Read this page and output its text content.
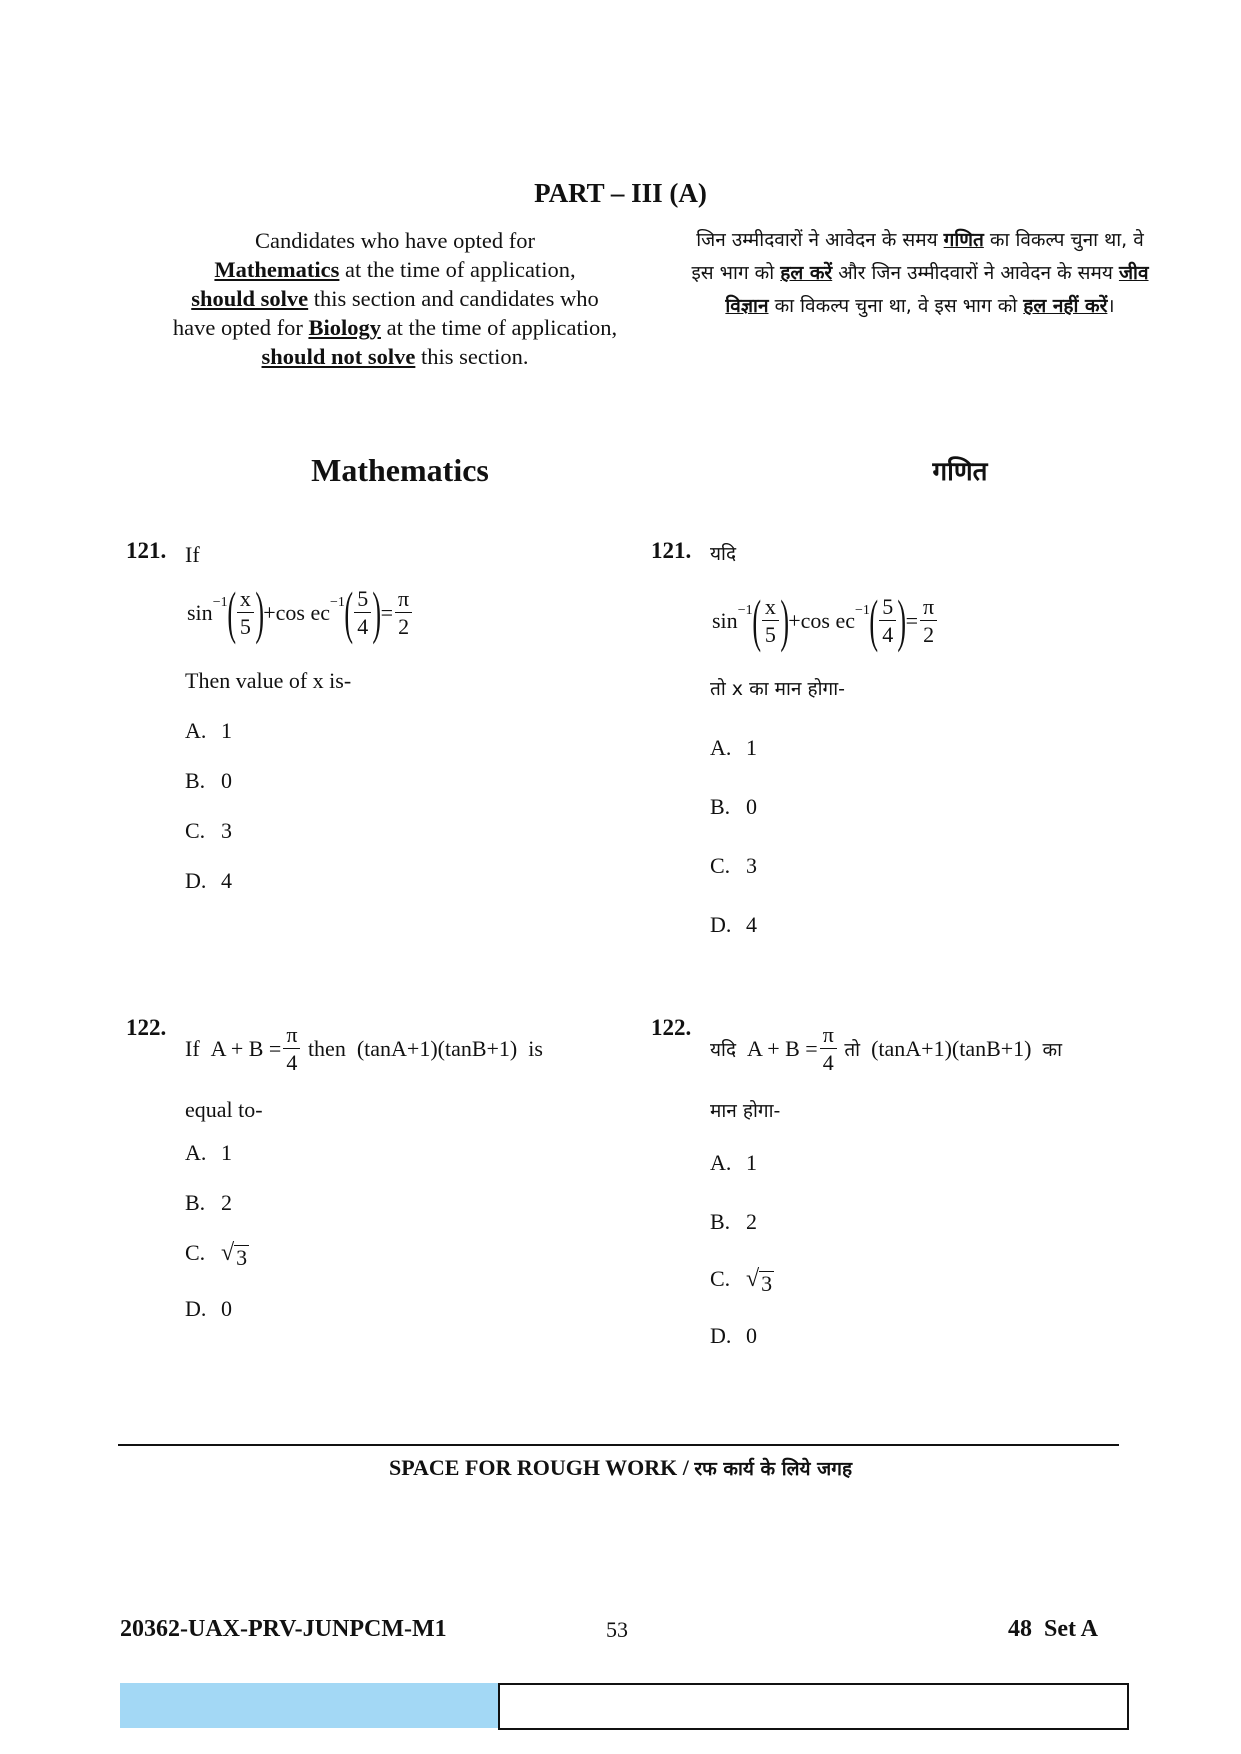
PART – III (A)
Candidates who have opted for
Mathematics at the time of application,
should solve this section and candidates who have opted for Biology at the time of application, should not solve this section.
जिन उम्मीदवारों ने आवेदन के समय गणित का विकल्प चुना था, वे इस भाग को हल करें और जिन उम्मीदवारों ने आवेदन के समय जीव विज्ञान का विकल्प चुना था, वे इस भाग को हल नहीं करें।
Mathematics	गणित
121. If
$\sin^{-1}$ ( $\frac{x}{5}$ ) + $\cos ec^{-1}$ ( $\frac{5}{4}$ ) = $\frac{\pi}{2}$
Then value of x is-
A. 1
B. 0
C. 3
D. 4
121. यदि
$\sin^{-1}$ ( $\frac{x}{5}$ ) + $\cos ec^{-1}$ ( $\frac{5}{4}$ ) = $\frac{\pi}{2}$
तो x का मान होगा-
A. 1
B. 0
C. 3
D. 4
122.
If
$A + B = \frac{\pi}{4}$
then
(tanA+1)(tanB+1)
is
equal to-
A. 1
B. 2
C. √ 3
D. 0
122.
यदि
$A + B = \frac{\pi}{4}$
तो
(tanA+1)(tanB+1)
का
मान होगा-
A. 1
B. 2
C. √ 3
D. 0
SPACE FOR ROUGH WORK / रफ कार्य के लिये जगह
20362-UAX-PRV-JUNPCM-M1	53	48 Set A
